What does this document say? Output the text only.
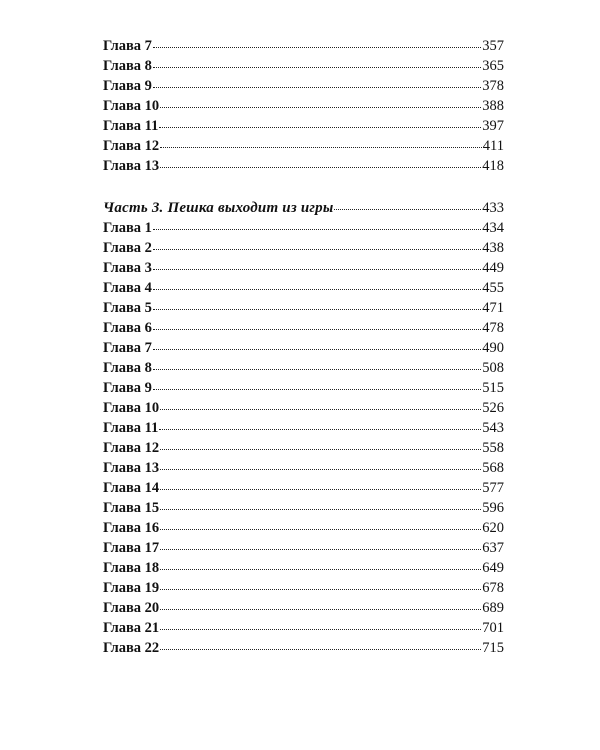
Глава 7	357
Глава 8	365
Глава 9	378
Глава 10	388
Глава 11	397
Глава 12	411
Глава 13	418
Часть 3. Пешка выходит из игры	433
Глава 1	434
Глава 2	438
Глава 3	449
Глава 4	455
Глава 5	471
Глава 6	478
Глава 7	490
Глава 8	508
Глава 9	515
Глава 10	526
Глава 11	543
Глава 12	558
Глава 13	568
Глава 14	577
Глава 15	596
Глава 16	620
Глава 17	637
Глава 18	649
Глава 19	678
Глава 20	689
Глава 21	701
Глава 22	715
